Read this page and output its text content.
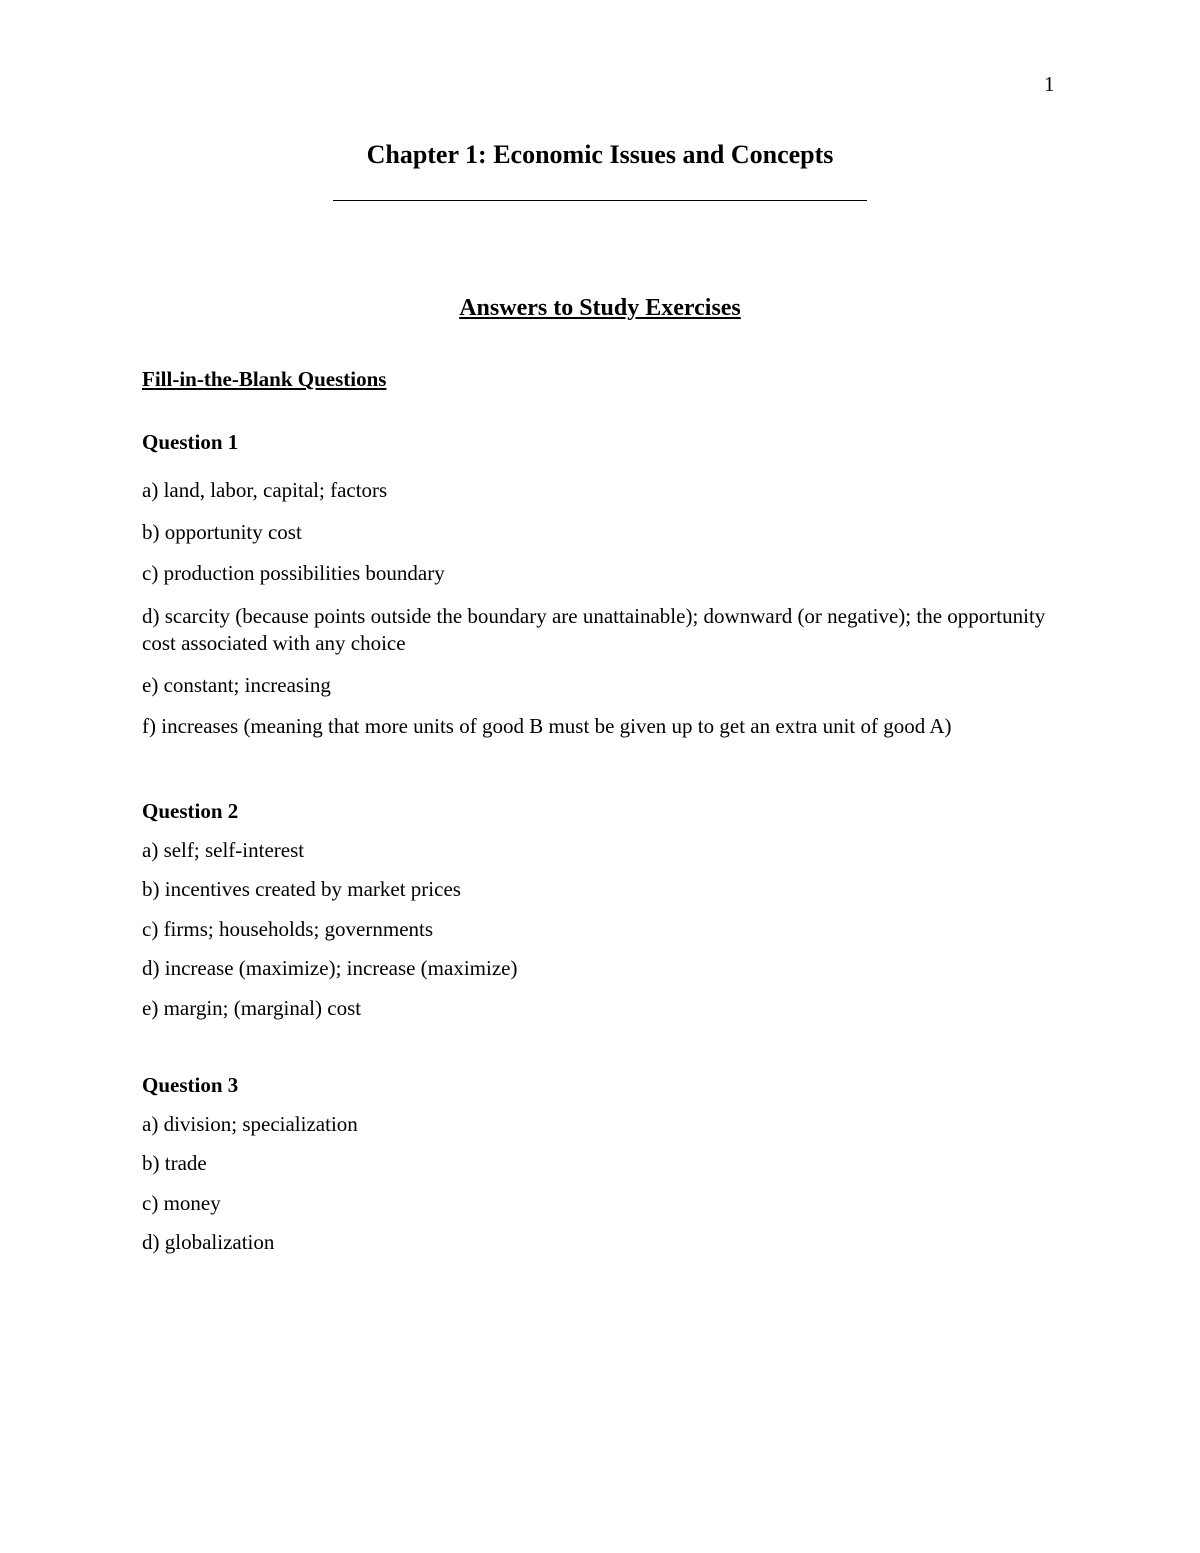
1
Chapter 1: Economic Issues and Concepts
Answers to Study Exercises
Fill-in-the-Blank Questions
Question 1

a) land, labor, capital; factors

b) opportunity cost

c) production possibilities boundary

d) scarcity (because points outside the boundary are unattainable); downward (or negative); the opportunity cost associated with any choice

e) constant; increasing

f) increases (meaning that more units of good B must be given up to get an extra unit of good A)

Question 2

a) self; self-interest

b) incentives created by market prices

c) firms; households; governments

d) increase (maximize); increase (maximize)

e) margin; (marginal) cost

Question 3

a) division; specialization

b) trade

c) money

d) globalization
